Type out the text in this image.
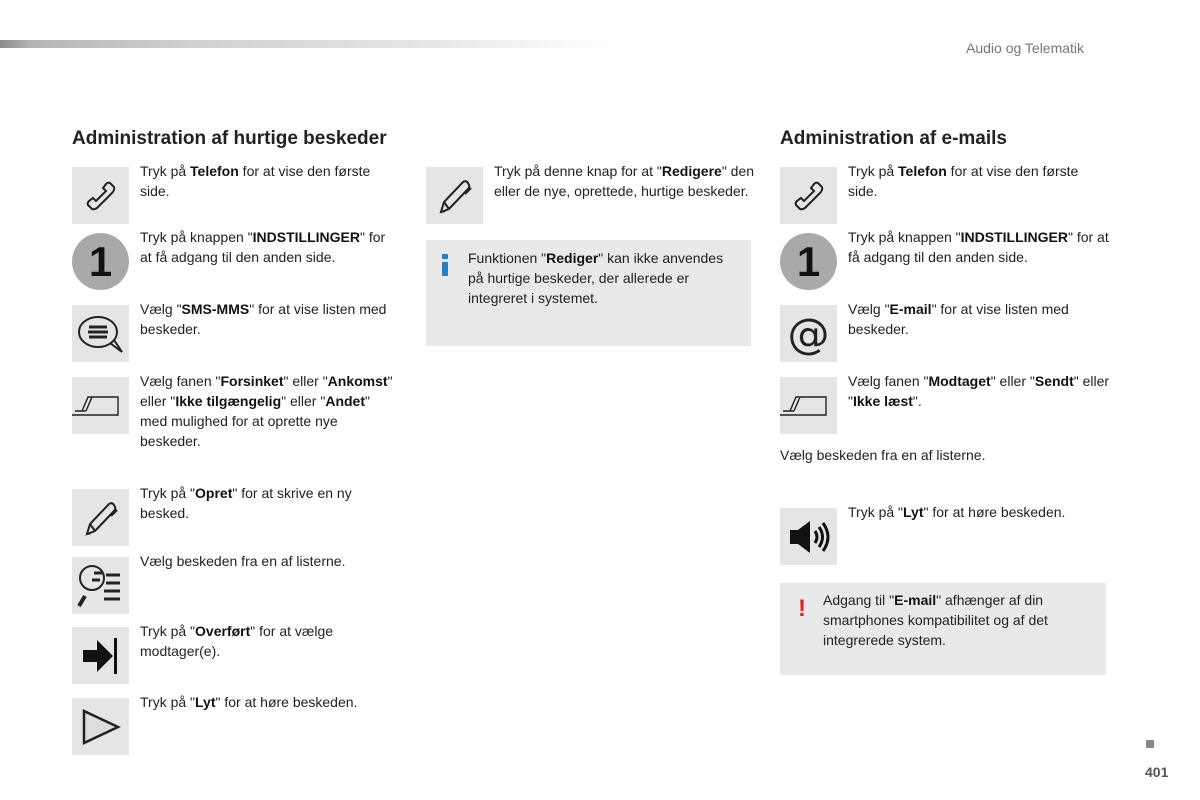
Audio og Telematik
Administration af hurtige beskeder	Administration af e-mails
Tryk på Telefon for at vise den første side.
1
Tryk på knappen "INDSTILLINGER" for at få adgang til den anden side.
Vælg "SMS-MMS" for at vise listen med beskeder.
Vælg fanen "Forsinket" eller "Ankomst" eller "Ikke tilgængelig" eller "Andet" med mulighed for at oprette nye beskeder.
Tryk på "Opret" for at skrive en ny besked.
Vælg beskeden fra en af listerne.
Tryk på "Overført" for at vælge modtager(e).
Tryk på "Lyt" for at høre beskeden.
Tryk på denne knap for at "Redigere" den eller de nye, oprettede, hurtige beskeder.
Tryk på Telefon for at vise den første side.
1
Tryk på knappen "INDSTILLINGER" for at få adgang til den anden side.
@ Vælg "E-mail" for at vise listen med beskeder.
Vælg fanen "Modtaget" eller "Sendt" eller "Ikke læst".
Vælg beskeden fra en af listerne.
Tryk på "Lyt" for at høre beskeden.
Funktionen "Rediger" kan ikke anvendes på hurtige beskeder, der allerede er integreret i systemet.
! Adgang til "E-mail" afhænger af din smartphones kompatibilitet og af det integrerede system.
401
